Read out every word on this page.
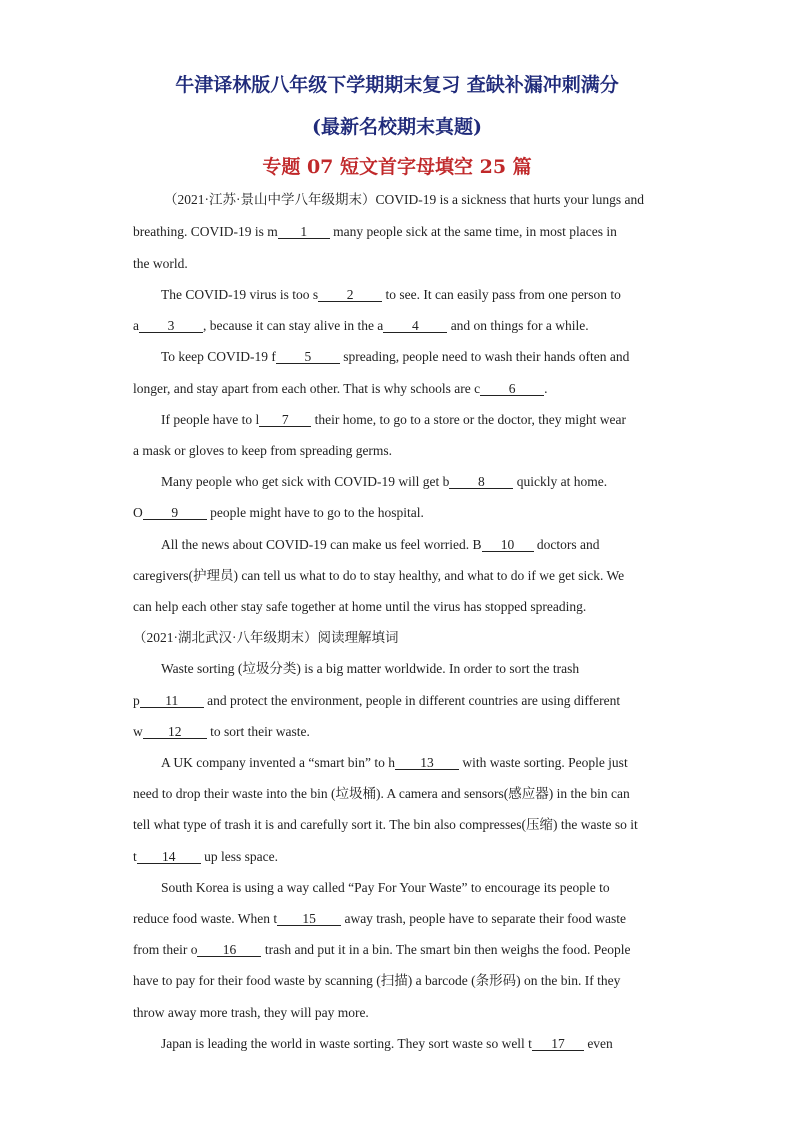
牛津译林版八年级下学期期末复习 查缺补漏冲刺满分

(最新名校期末真题)

专题 07 短文首字母填空 25 篇

（2021·江苏·景山中学八年级期末）COVID-19 is a sickness that hurts your lungs and

breathing. COVID-19 is m 1 many people sick at the same time, in most places in

the world.

The COVID-19 virus is too s 2 to see. It can easily pass from one person to

a 3 , because it can stay alive in the a 4 and on things for a while.

To keep COVID-19 f 5 spreading, people need to wash their hands often and

longer, and stay apart from each other. That is why schools are c 6 .

If people have to l 7 their home, to go to a store or the doctor, they might wear

a mask or gloves to keep from spreading germs.

Many people who get sick with COVID-19 will get b 8 quickly at home.

O 9 people might have to go to the hospital.

All the news about COVID-19 can make us feel worried. B 10 doctors and

caregivers(护理员) can tell us what to do to stay healthy, and what to do if we get sick. We

can help each other stay safe together at home until the virus has stopped spreading.

（2021·湖北武汉·八年级期末）阅读理解填词

Waste sorting (垃圾分类) is a big matter worldwide. In order to sort the trash

p 11 and protect the environment, people in different countries are using different

w 12 to sort their waste.

A UK company invented a “smart bin” to h 13 with waste sorting. People just

need to drop their waste into the bin (垃圾桶). A camera and sensors(感应器) in the bin can

tell what type of trash it is and carefully sort it. The bin also compresses(压缩) the waste so it

t 14 up less space.

South Korea is using a way called “Pay For Your Waste” to encourage its people to

reduce food waste. When t 15 away trash, people have to separate their food waste

from their o 16 trash and put it in a bin. The smart bin then weighs the food. People

have to pay for their food waste by scanning (扫描) a barcode (条形码) on the bin. If they

throw away more trash, they will pay more.

Japan is leading the world in waste sorting. They sort waste so well t 17 even
